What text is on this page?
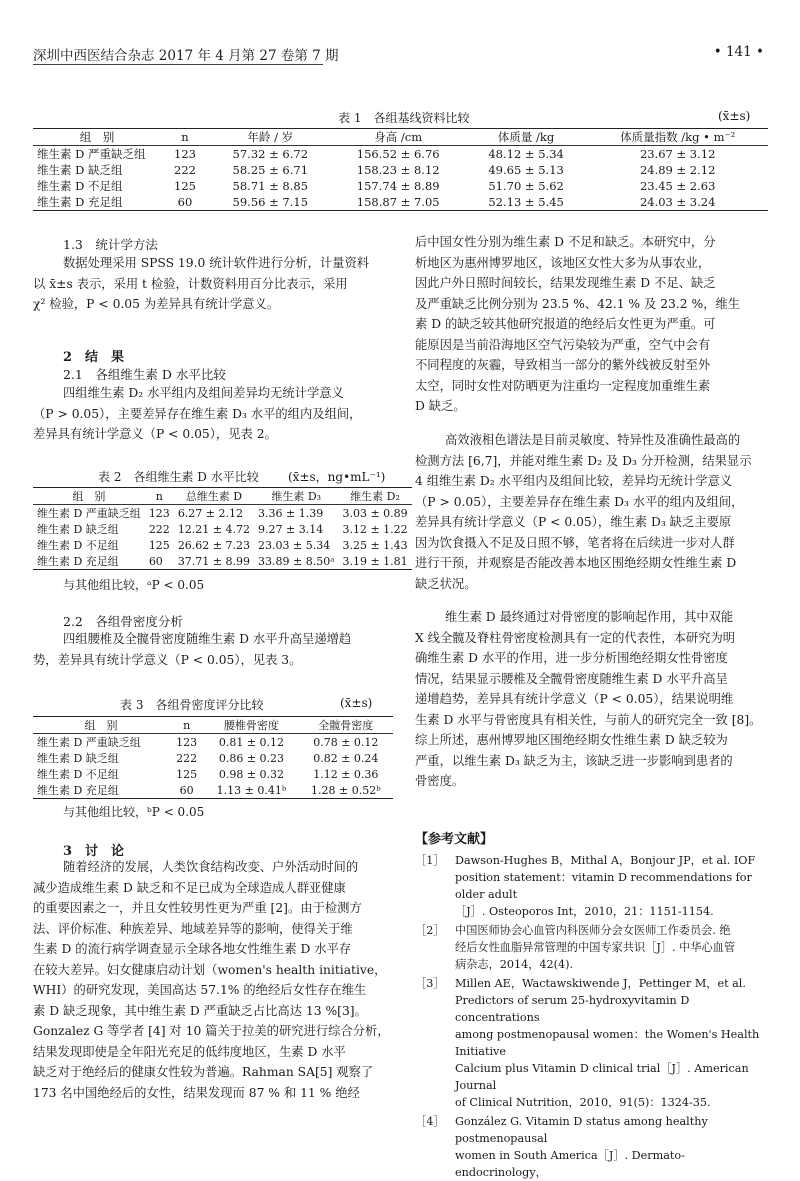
深圳中西医结合杂志 2017 年 4 月第 27 卷第 7 期	• 141 •
表 1　各组基线资料比较	(x̄±s)
组　别	n	年龄 / 岁	身高 /cm	体质量 /kg	体质量指数 /kg • m⁻²
维生素 D 严重缺乏组	123	57.32 ± 6.72	156.52 ± 6.76	48.12 ± 5.34	23.67 ± 3.12
维生素 D 缺乏组	222	58.25 ± 6.71	158.23 ± 8.12	49.65 ± 5.13	24.89 ± 2.12
维生素 D 不足组	125	58.71 ± 8.85	157.74 ± 8.89	51.70 ± 5.62	23.45 ± 2.63
维生素 D 充足组	60	59.56 ± 7.15	158.87 ± 7.05	52.13 ± 5.45	24.03 ± 3.24
1.3　统计学方法
数据处理采用 SPSS 19.0 统计软件进行分析，计量资料
以 x̄±s 表示，采用 t 检验，计数资料用百分比表示，采用
χ² 检验，P < 0.05 为差异具有统计学意义。
2　结　果
2.1　各组维生素 D 水平比较
四组维生素 D₂ 水平组内及组间差异均无统计学意义
（P > 0.05），主要差异存在维生素 D₃ 水平的组内及组间，
差异具有统计学意义（P < 0.05），见表 2。
表 2　各组维生素 D 水平比较 (x̄±s，ng•mL⁻¹)
组　别	n	总维生素 D	维生素 D₃	维生素 D₂
维生素 D 严重缺乏组	123	6.27 ± 2.12	3.36 ± 1.39	3.03 ± 0.89
维生素 D 缺乏组	222	12.21 ± 4.72	9.27 ± 3.14	3.12 ± 1.22
维生素 D 不足组	125	26.62 ± 7.23	23.03 ± 5.34	3.25 ± 1.43
维生素 D 充足组	60	37.71 ± 8.99	33.89 ± 8.50ᵃ	3.19 ± 1.81
与其他组比较，ᵃP < 0.05
2.2　各组骨密度分析
四组腰椎及全髋骨密度随维生素 D 水平升高呈递增趋
势，差异具有统计学意义（P < 0.05），见表 3。
表 3　各组骨密度评分比较	(x̄±s)
组　别	n	腰椎骨密度	全髋骨密度
维生素 D 严重缺乏组	123	0.81 ± 0.12	0.78 ± 0.12
维生素 D 缺乏组	222	0.86 ± 0.23	0.82 ± 0.24
维生素 D 不足组	125	0.98 ± 0.32	1.12 ± 0.36
维生素 D 充足组	60	1.13 ± 0.41ᵇ	1.28 ± 0.52ᵇ
与其他组比较，ᵇP < 0.05
3　讨　论
随着经济的发展，人类饮食结构改变、户外活动时间的
减少造成维生素 D 缺乏和不足已成为全球造成人群亚健康
的重要因素之一，并且女性较男性更为严重 [2]。由于检测方
法、评价标准、种族差异、地域差异等的影响，使得关于维
生素 D 的流行病学调查显示全球各地女性维生素 D 水平存
在较大差异。妇女健康启动计划（women's health initiative，
WHI）的研究发现，美国高达 57.1% 的绝经后女性存在维生
素 D 缺乏现象，其中维生素 D 严重缺乏占比高达 13 %[3]。
Gonzalez G 等学者 [4] 对 10 篇关于拉美的研究进行综合分析，
结果发现即使是全年阳光充足的低纬度地区，生素 D 水平
缺乏对于绝经后的健康女性较为普遍。Rahman SA[5] 观察了
173 名中国绝经后的女性，结果发现而 87 % 和 11 % 绝经
后中国女性分别为维生素 D 不足和缺乏。本研究中，分
析地区为惠州博罗地区，该地区女性大多为从事农业，
因此户外日照时间较长，结果发现维生素 D 不足、缺乏
及严重缺乏比例分别为 23.5 %、42.1 % 及 23.2 %，维生
素 D 的缺乏较其他研究报道的绝经后女性更为严重。可
能原因是当前沿海地区空气污染较为严重，空气中会有
不同程度的灰霾，导致相当一部分的紫外线被反射至外
太空，同时女性对防晒更为注重均一定程度加重维生素
D 缺乏。
高效液相色谱法是目前灵敏度、特异性及准确性最高的
检测方法 [6,7]，并能对维生素 D₂ 及 D₃ 分开检测，结果显示
4 组维生素 D₂ 水平组内及组间比较，差异均无统计学意义
（P > 0.05），主要差异存在维生素 D₃ 水平的组内及组间，
差异具有统计学意义（P < 0.05），维生素 D₃ 缺乏主要原
因为饮食摄入不足及日照不够，笔者将在后续进一步对人群
进行干预，并观察是否能改善本地区围绝经期女性维生素 D
缺乏状况。
维生素 D 最终通过对骨密度的影响起作用，其中双能
X 线全髋及脊柱骨密度检测具有一定的代表性，本研究为明
确维生素 D 水平的作用，进一步分析围绝经期女性骨密度
情况，结果显示腰椎及全髋骨密度随维生素 D 水平升高呈
递增趋势，差异具有统计学意义（P < 0.05），结果说明维
生素 D 水平与骨密度具有相关性，与前人的研究完全一致 [8]。
综上所述，惠州博罗地区围绝经期女性维生素 D 缺乏较为
严重，以维生素 D₃ 缺乏为主，该缺乏进一步影响到患者的
骨密度。
【参考文献】
［1］ Dawson-Hughes B，Mithal A，Bonjour JP，et al. IOF
position statement：vitamin D recommendations for older adult
［J］. Osteoporos Int，2010，21：1151-1154.
［2］ 中国医师协会心血管内科医师分会女医师工作委员会. 绝
经后女性血脂异常管理的中国专家共识［J］. 中华心血管
病杂志，2014，42(4).
［3］ Millen AE，Wactawskiwende J，Pettinger M，et al.
Predictors of serum 25-hydroxyvitamin D concentrations
among postmenopausal women：the Women's Health Initiative
Calcium plus Vitamin D clinical trial［J］. American Journal
of Clinical Nutrition，2010，91(5)：1324-35.
［4］ González G. Vitamin D status among healthy postmenopausal
women in South America［J］. Dermato-endocrinology，
